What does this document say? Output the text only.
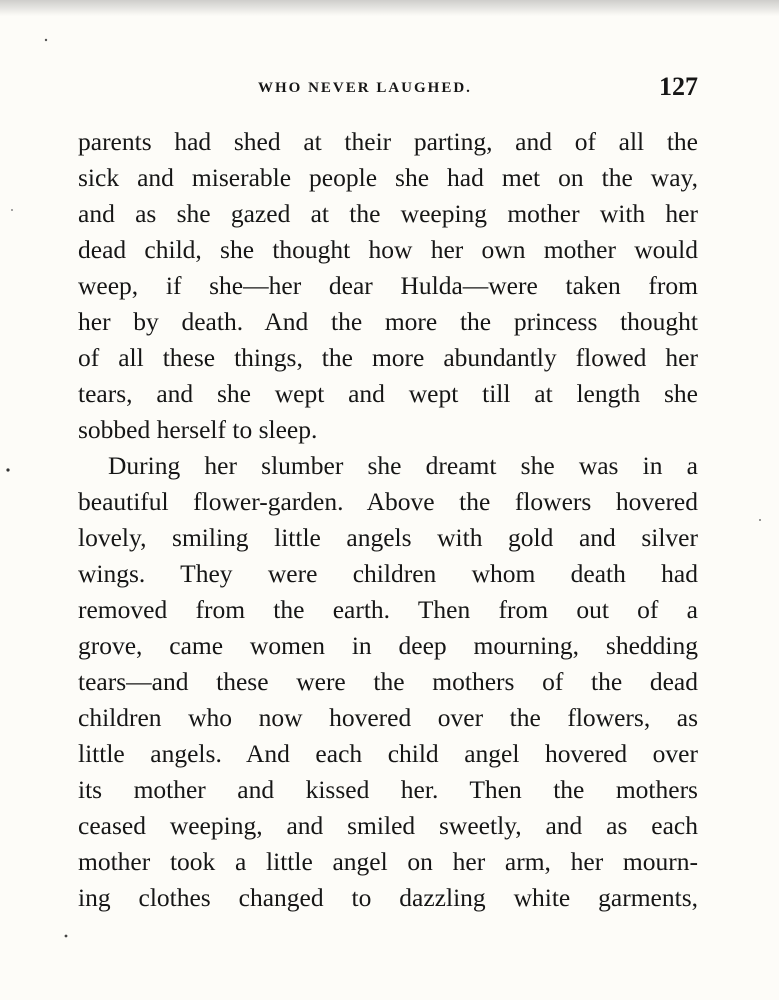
WHO NEVER LAUGHED.	127
parents had shed at their parting, and of all the
sick and miserable people she had met on the way,
and as she gazed at the weeping mother with her
dead child, she thought how her own mother would
weep, if she—her dear Hulda—were taken from
her by death. And the more the princess thought
of all these things, the more abundantly flowed her
tears, and she wept and wept till at length she
sobbed herself to sleep.
During her slumber she dreamt she was in a
beautiful flower-garden. Above the flowers hovered
lovely, smiling little angels with gold and silver
wings. They were children whom death had
removed from the earth. Then from out of a
grove, came women in deep mourning, shedding
tears—and these were the mothers of the dead
children who now hovered over the flowers, as
little angels. And each child angel hovered over
its mother and kissed her. Then the mothers
ceased weeping, and smiled sweetly, and as each
mother took a little angel on her arm, her mourn-
ing clothes changed to dazzling white garments,
